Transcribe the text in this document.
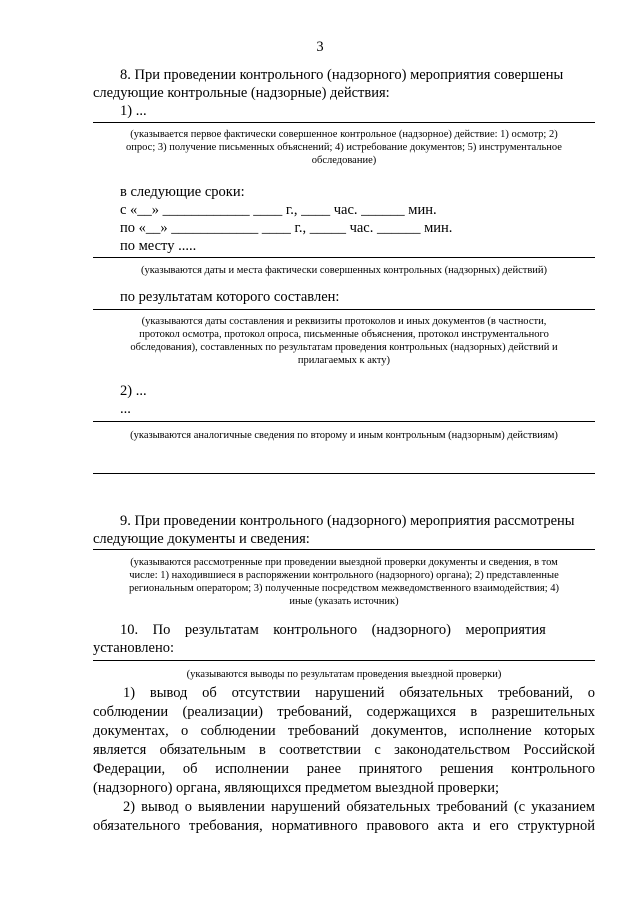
3
8. При проведении контрольного (надзорного) мероприятия совершены
следующие контрольные (надзорные) действия:
1) ...
(указывается первое фактически совершенное контрольное (надзорное) действие: 1) осмотр; 2)
опрос; 3) получение письменных объяснений; 4) истребование документов; 5) инструментальное
обследование)
в следующие сроки:
с «__» ____________ ____ г., ____ час. ______ мин.
по «__» ____________ ____ г., _____ час. ______ мин.
по месту .....
(указываются даты и места фактически совершенных контрольных (надзорных) действий)
по результатам которого составлен:
(указываются даты составления и реквизиты протоколов и иных документов (в частности,
протокол осмотра, протокол опроса, письменные объяснения, протокол инструментального
обследования), составленных по результатам проведения контрольных (надзорных) действий и
прилагаемых к акту)
2) ...
...
(указываются аналогичные сведения по второму и иным контрольным (надзорным) действиям)
9. При проведении контрольного (надзорного) мероприятия рассмотрены
следующие документы и сведения:
(указываются рассмотренные при проведении выездной проверки документы и сведения, в том
числе: 1) находившиеся в распоряжении контрольного (надзорного) органа); 2) представленные
региональным оператором; 3) полученные посредством межведомственного взаимодействия; 4)
иные (указать источник)
10.    По    результатам    контрольного    (надзорного)    мероприятия
установлено:
(указываются выводы по результатам проведения выездной проверки)
1) вывод об отсутствии нарушений обязательных требований, о
соблюдении (реализации) требований, содержащихся в разрешительных
документах, о соблюдении требований документов, исполнение которых
является обязательным в соответствии с законодательством Российской
Федерации, об исполнении ранее принятого решения контрольного
(надзорного) органа, являющихся предметом выездной проверки;
2) вывод о выявлении нарушений обязательных требований (с указанием
обязательного требования, нормативного правового акта и его структурной
